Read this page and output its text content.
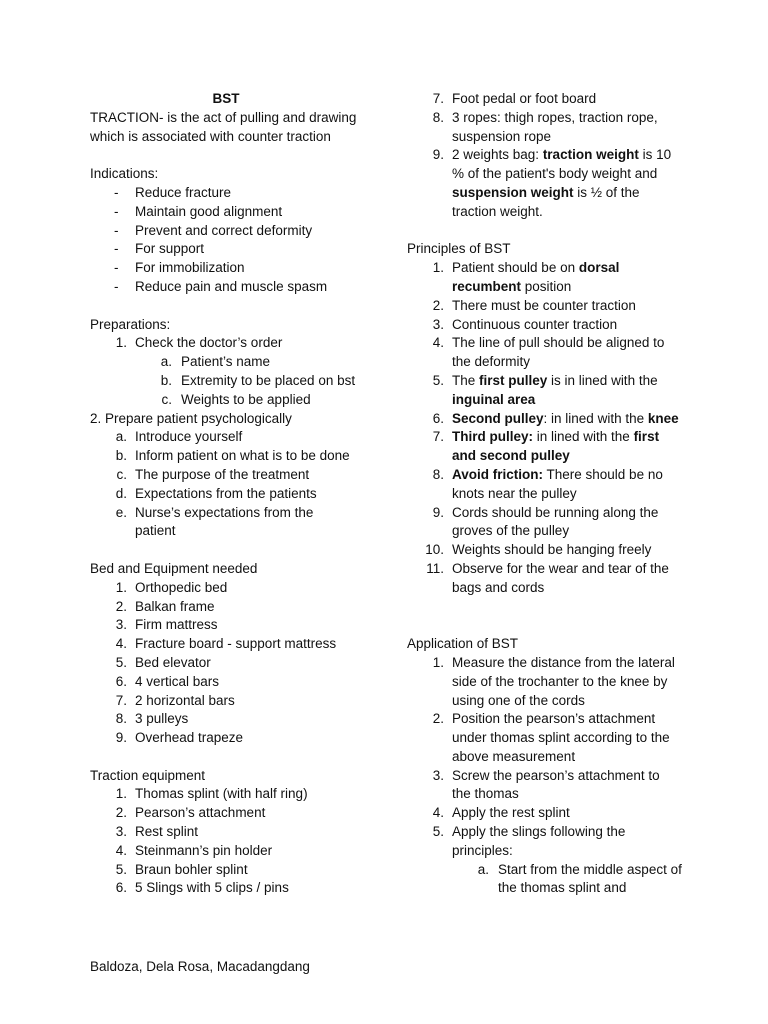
BST
TRACTION- is the act of pulling and drawing which is associated with counter traction
Indications:
- Reduce fracture
- Maintain good alignment
- Prevent and correct deformity
- For support
- For immobilization
- Reduce pain and muscle spasm
Preparations:
1. Check the doctor’s order
a. Patient’s name
b. Extremity to be placed on bst
c. Weights to be applied
2. Prepare patient psychologically
a. Introduce yourself
b. Inform patient on what is to be done
c. The purpose of the treatment
d. Expectations from the patients
e. Nurse’s expectations from the patient
Bed and Equipment needed
1. Orthopedic bed
2. Balkan frame
3. Firm mattress
4. Fracture board - support mattress
5. Bed elevator
6. 4 vertical bars
7. 2 horizontal bars
8. 3 pulleys
9. Overhead trapeze
Traction equipment
1. Thomas splint (with half ring)
2. Pearson’s attachment
3. Rest splint
4. Steinmann’s pin holder
5. Braun bohler splint
6. 5 Slings with 5 clips / pins
7. Foot pedal or foot board
8. 3 ropes: thigh ropes, traction rope, suspension rope
9. 2 weights bag: traction weight is 10 % of the patient's body weight and suspension weight is ½ of the traction weight.
Principles of BST
1. Patient should be on dorsal recumbent position
2. There must be counter traction
3. Continuous counter traction
4. The line of pull should be aligned to the deformity
5. The first pulley is in lined with the inguinal area
6. Second pulley: in lined with the knee
7. Third pulley: in lined with the first and second pulley
8. Avoid friction: There should be no knots near the pulley
9. Cords should be running along the groves of the pulley
10. Weights should be hanging freely
11. Observe for the wear and tear of the bags and cords
Application of BST
1. Measure the distance from the lateral side of the trochanter to the knee by using one of the cords
2. Position the pearson’s attachment under thomas splint according to the above measurement
3. Screw the pearson’s attachment to the thomas
4. Apply the rest splint
5. Apply the slings following the principles:
a. Start from the middle aspect of the thomas splint and
Baldoza, Dela Rosa, Macadangdang
